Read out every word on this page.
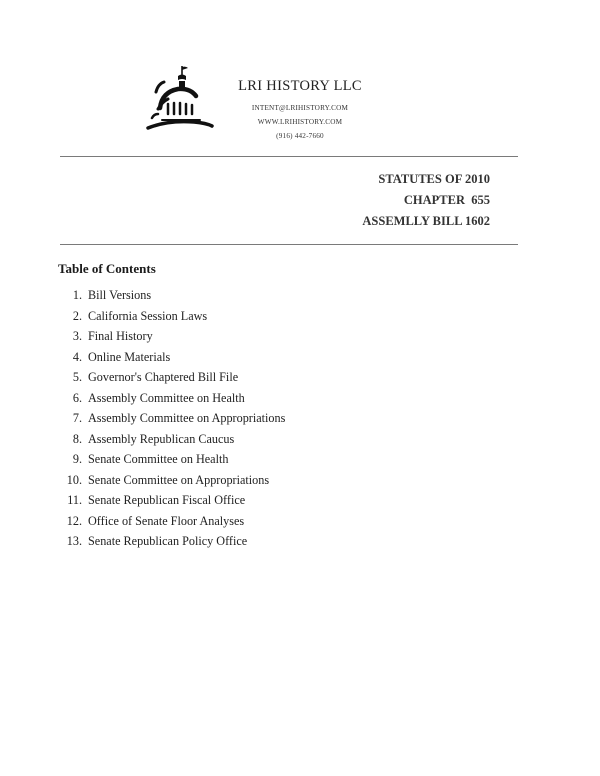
LRI HISTORY LLC
INTENT@LRIHISTORY.COM
WWW.LRIHISTORY.COM
(916) 442-7660
STATUTES OF 2010
CHAPTER  655
ASSEMLLY BILL 1602
Table of Contents
1. Bill Versions
2. California Session Laws
3. Final History
4. Online Materials
5. Governor's Chaptered Bill File
6. Assembly Committee on Health
7. Assembly Committee on Appropriations
8. Assembly Republican Caucus
9. Senate Committee on Health
10. Senate Committee on Appropriations
11. Senate Republican Fiscal Office
12. Office of Senate Floor Analyses
13. Senate Republican Policy Office
